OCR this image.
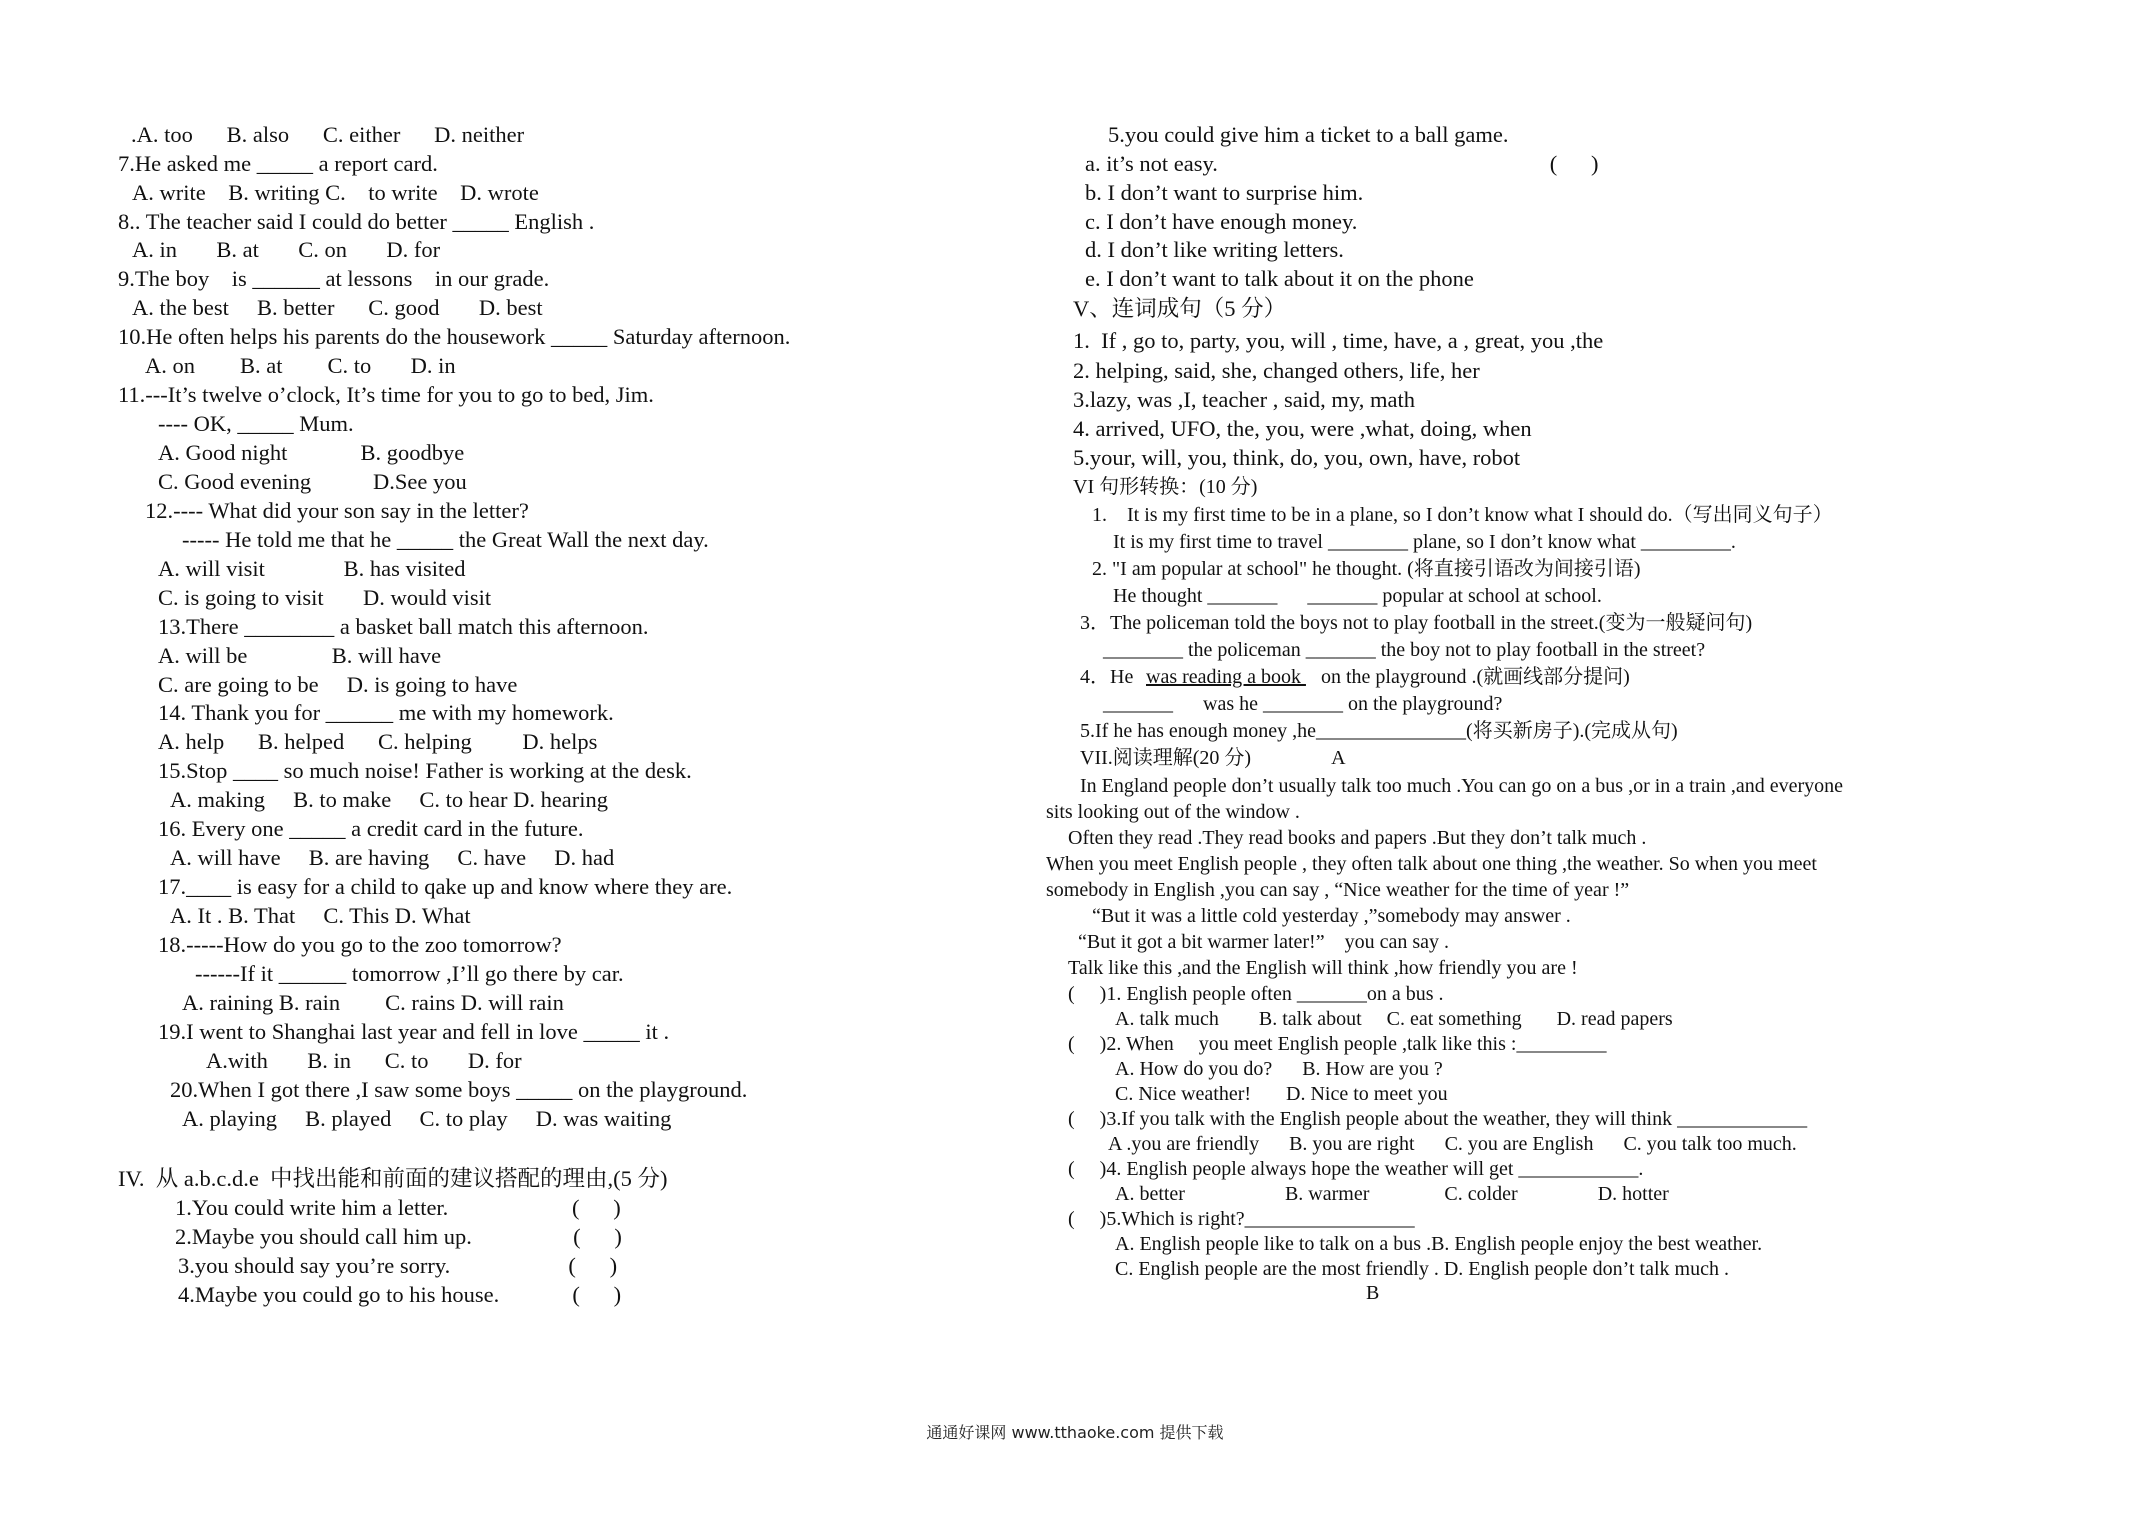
.A. too      B. also      C. either      D. neither
7.He asked me _____ a report card.
A. write    B. writing C.    to write    D. wrote
8.. The teacher said I could do better _____ English .
A. in       B. at       C. on       D. for
9.The boy    is ______ at lessons    in our grade.
A. the best     B. better      C. good       D. best
10.He often helps his parents do the housework _____ Saturday afternoon.
A. on        B. at        C. to       D. in
11.---It’s twelve o’clock, It’s time for you to go to bed, Jim.
---- OK, _____ Mum.
A. Good night             B. goodbye
C. Good evening           D.See you
12.---- What did your son say in the letter?
----- He told me that he _____ the Great Wall the next day.
A. will visit              B. has visited
C. is going to visit       D. would visit
13.There ________ a basket ball match this afternoon.
A. will be               B. will have
C. are going to be     D. is going to have
14. Thank you for ______ me with my homework.
A. help      B. helped      C. helping         D. helps
15.Stop ____ so much noise! Father is working at the desk.
A. making     B. to make     C. to hear D. hearing
16. Every one _____ a credit card in the future.
A. will have     B. are having     C. have     D. had
17.____ is easy for a child to qake up and know where they are.
A. It . B. That     C. This D. What
18.-----How do you go to the zoo tomorrow?
------If it ______ tomorrow ,I’ll go there by car.
A. raining B. rain        C. rains D. will rain
19.I went to Shanghai last year and fell in love _____ it .
A.with       B. in      C. to       D. for
20.When I got there ,I saw some boys _____ on the playground.
A. playing     B. played     C. to play     D. was waiting
IV.  从 a.b.c.d.e  中找出能和前面的建议搭配的理由,(5 分)
1.You could write him a letter.                      (      )
2.Maybe you should call him up.                  (      )
3.you should say you’re sorry.                     (      )
4.Maybe you could go to his house.             (      )
5.you could give him a ticket to a ball game.
a. it’s not easy.                                                           (      )
b. I don’t want to surprise him.
c. I don’t have enough money.
d. I don’t like writing letters.
e. I don’t want to talk about it on the phone
V、连词成句（5 分）
1.  If , go to, party, you, will , time, have, a , great, you ,the
2. helping, said, she, changed others, life, her
3.lazy, was ,I, teacher , said, my, math
4. arrived, UFO, the, you, were ,what, doing, when
5.your, will, you, think, do, you, own, have, robot
VI 句形转换：(10 分)
1.    It is my first time to be in a plane, so I don’t know what I should do.（写出同义句子）
It is my first time to travel ________ plane, so I don’t know what _________.
2. "I am popular at school" he thought. (将直接引语改为间接引语)
He thought _______      _______ popular at school at school.
3．The policeman told the boys not to play football in the street.(变为一般疑问句)
________ the policeman _______ the boy not to play football in the street?
4．He was reading a book on the playground .(就画线部分提问)
_______      was he ________ on the playground?
5.If he has enough money ,he_______________(将买新房子).(完成从句)
VII.阅读理解(20 分)                A
In England people don’t usually talk too much .You can go on a bus ,or in a train ,and everyone
sits looking out of the window .
Often they read .They read books and papers .But they don’t talk much .
When you meet English people , they often talk about one thing ,the weather. So when you meet
somebody in English ,you can say , “Nice weather for the time of year !”
“But it was a little cold yesterday ,”somebody may answer .
“But it got a bit warmer later!”    you can say .
Talk like this ,and the English will think ,how friendly you are !
(     )1. English people often _______on a bus .
A. talk much        B. talk about     C. eat something       D. read papers
(     )2. When     you meet English people ,talk like this :_________
A. How do you do?      B. How are you ?
C. Nice weather!       D. Nice to meet you
(     )3.If you talk with the English people about the weather, they will think _____________
A .you are friendly      B. you are right      C. you are English      C. you talk too much.
(     )4. English people always hope the weather will get ____________.
A. better                    B. warmer               C. colder                D. hotter
(     )5.Which is right?_________________
A. English people like to talk on a bus .B. English people enjoy the best weather.
C. English people are the most friendly . D. English people don’t talk much .
B
通通好课网 www.tthaoke.com 提供下载
